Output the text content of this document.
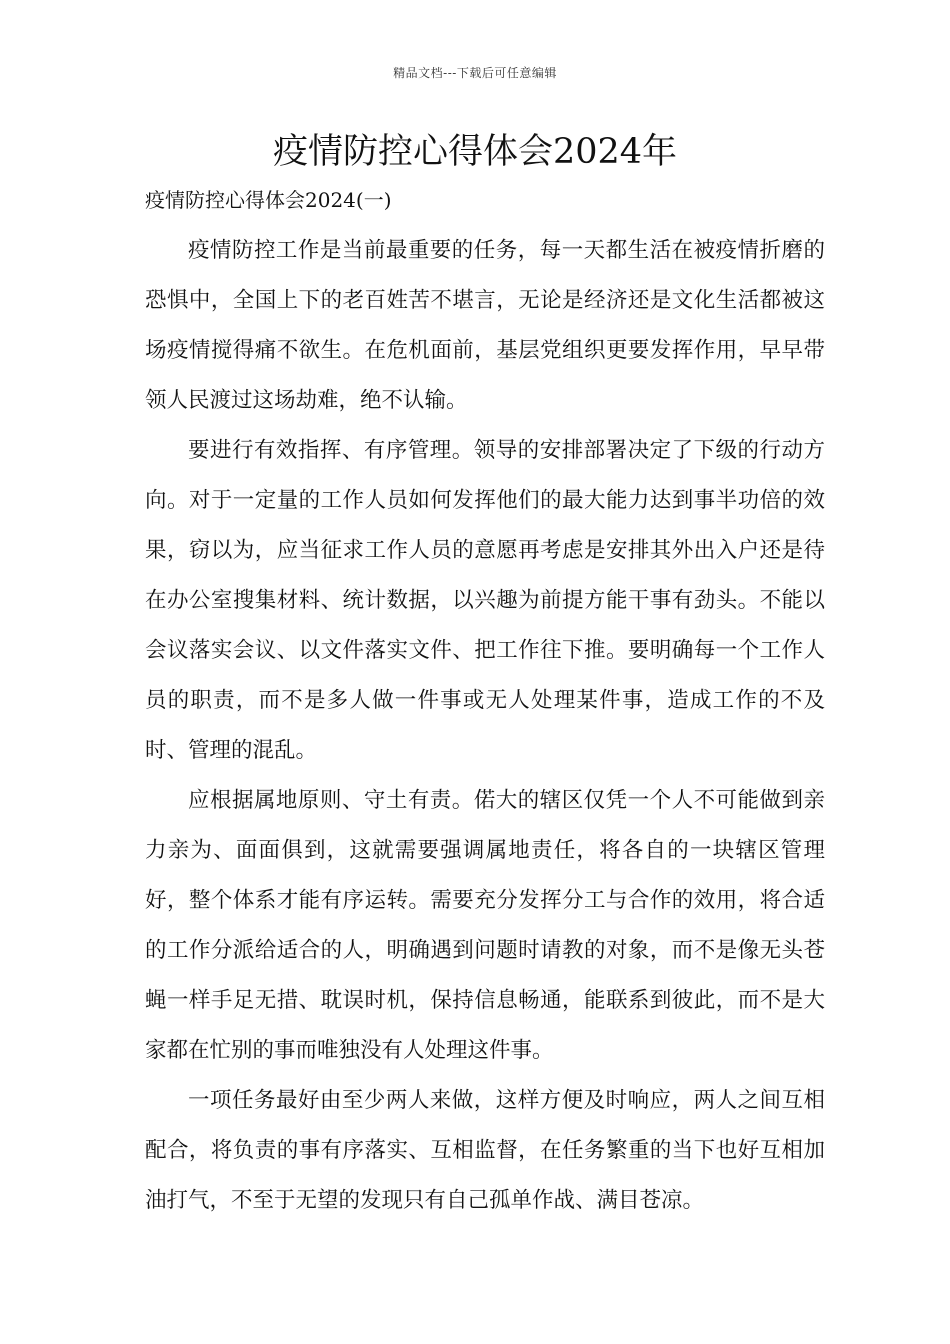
精品文档---下载后可任意编辑
疫情防控心得体会2024年
疫情防控心得体会2024(一)

疫情防控工作是当前最重要的任务，每一天都生活在被疫情折磨的恐惧中，全国上下的老百姓苦不堪言，无论是经济还是文化生活都被这场疫情搅得痛不欲生。在危机面前，基层党组织更要发挥作用，早早带领人民渡过这场劫难，绝不认输。

要进行有效指挥、有序管理。领导的安排部署决定了下级的行动方向。对于一定量的工作人员如何发挥他们的最大能力达到事半功倍的效果，窃以为，应当征求工作人员的意愿再考虑是安排其外出入户还是待在办公室搜集材料、统计数据，以兴趣为前提方能干事有劲头。不能以会议落实会议、以文件落实文件、把工作往下推。要明确每一个工作人员的职责，而不是多人做一件事或无人处理某件事，造成工作的不及时、管理的混乱。

应根据属地原则、守土有责。偌大的辖区仅凭一个人不可能做到亲力亲为、面面俱到，这就需要强调属地责任，将各自的一块辖区管理好，整个体系才能有序运转。需要充分发挥分工与合作的效用，将合适的工作分派给适合的人，明确遇到问题时请教的对象，而不是像无头苍蝇一样手足无措、耽误时机，保持信息畅通，能联系到彼此，而不是大家都在忙别的事而唯独没有人处理这件事。

一项任务最好由至少两人来做，这样方便及时响应，两人之间互相配合，将负责的事有序落实、互相监督，在任务繁重的当下也好互相加油打气，不至于无望的发现只有自己孤单作战、满目苍凉。
